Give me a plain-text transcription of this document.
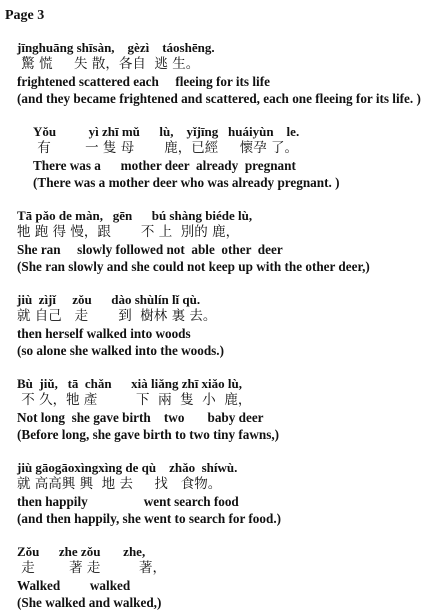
Page 3
jīnghuāng shīsàn,    gèzì    táoshēng.
驚 慌     失 散，各自  逃 生。
frightened scattered each     fleeing for its life
(and they became frightened and scattered, each one fleeing for its life. )
Yǒu          yì zhī mǔ      lù,    yǐjīng   huáiyùn    le.
有        一 隻 母       鹿，已經     懷孕 了。
There was a      mother deer  already  pregnant
(There was a mother deer who was already pregnant. )
Tā pǎo de màn,   gēn      bú shàng biéde lù,
牠 跑 得 慢，跟       不 上  別的 鹿，
She ran     slowly followed not  able  other  deer
(She ran slowly and she could not keep up with the other deer,)
jiù  zìjǐ     zǒu      dào shùlín lǐ qù.
就 自己   走       到  樹林 裏 去。
then herself walked into woods
(so alone she walked into the woods.)
Bù  jiǔ,   tā  chǎn      xià liǎng zhī xiǎo lù,
不 久，牠 產         下  兩  隻  小  鹿，
Not long  she gave birth    two       baby deer
(Before long, she gave birth to two tiny fawns,)
jiù gāogāoxìngxìng de qù    zhǎo  shíwù.
就 高高興 興  地 去     找   食物。
then happily                 went search food
(and then happily, she went to search for food.)
Zǒu      zhe zǒu       zhe,
走        著 走         著，
Walked         walked
(She walked and walked,)
